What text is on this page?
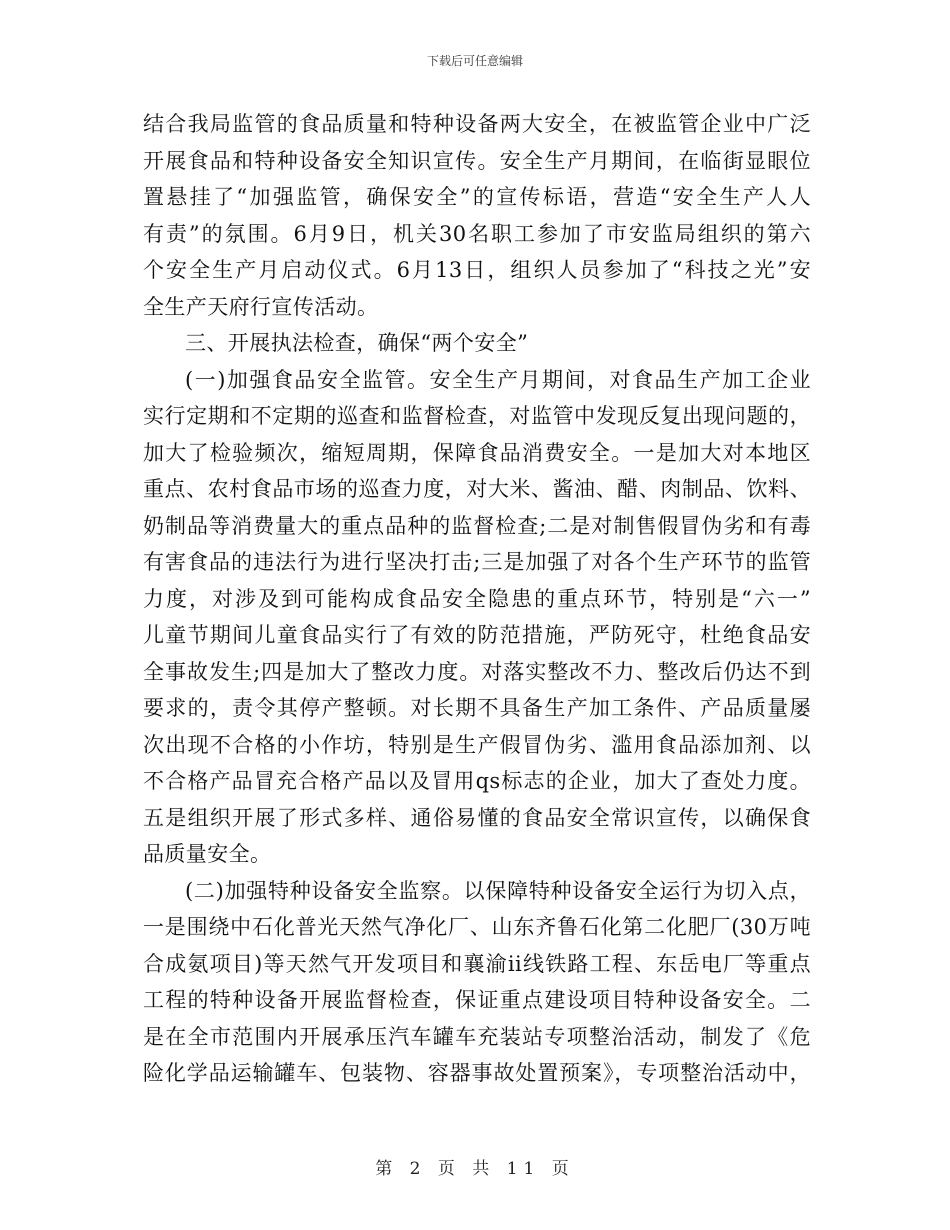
下载后可任意编辑
结合我局监管的食品质量和特种设备两大安全，在被监管企业中广泛
开展食品和特种设备安全知识宣传。安全生产月期间，在临街显眼位
置悬挂了“加强监管，确保安全”的宣传标语，营造“安全生产人人
有责”的氛围。6月9日，机关30名职工参加了市安监局组织的第六
个安全生产月启动仪式。6月13日，组织人员参加了“科技之光”安
全生产天府行宣传活动。
三、开展执法检查，确保“两个安全”
(一)加强食品安全监管。安全生产月期间，对食品生产加工企业
实行定期和不定期的巡查和监督检查，对监管中发现反复出现问题的，
加大了检验频次，缩短周期，保障食品消费安全。一是加大对本地区
重点、农村食品市场的巡查力度，对大米、酱油、醋、肉制品、饮料、
奶制品等消费量大的重点品种的监督检查;二是对制售假冒伪劣和有毒
有害食品的违法行为进行坚决打击;三是加强了对各个生产环节的监管
力度，对涉及到可能构成食品安全隐患的重点环节，特别是“六一”
儿童节期间儿童食品实行了有效的防范措施，严防死守，杜绝食品安
全事故发生;四是加大了整改力度。对落实整改不力、整改后仍达不到
要求的，责令其停产整顿。对长期不具备生产加工条件、产品质量屡
次出现不合格的小作坊，特别是生产假冒伪劣、滥用食品添加剂、以
不合格产品冒充合格产品以及冒用qs标志的企业，加大了查处力度。
五是组织开展了形式多样、通俗易懂的食品安全常识宣传，以确保食
品质量安全。
(二)加强特种设备安全监察。以保障特种设备安全运行为切入点，
一是围绕中石化普光天然气净化厂、山东齐鲁石化第二化肥厂(30万吨
合成氨项目)等天然气开发项目和襄渝ii线铁路工程、东岳电厂等重点
工程的特种设备开展监督检查，保证重点建设项目特种设备安全。二
是在全市范围内开展承压汽车罐车充装站专项整治活动，制发了《危
险化学品运输罐车、包装物、容器事故处置预案》，专项整治活动中，
第 2 页 共 11 页
